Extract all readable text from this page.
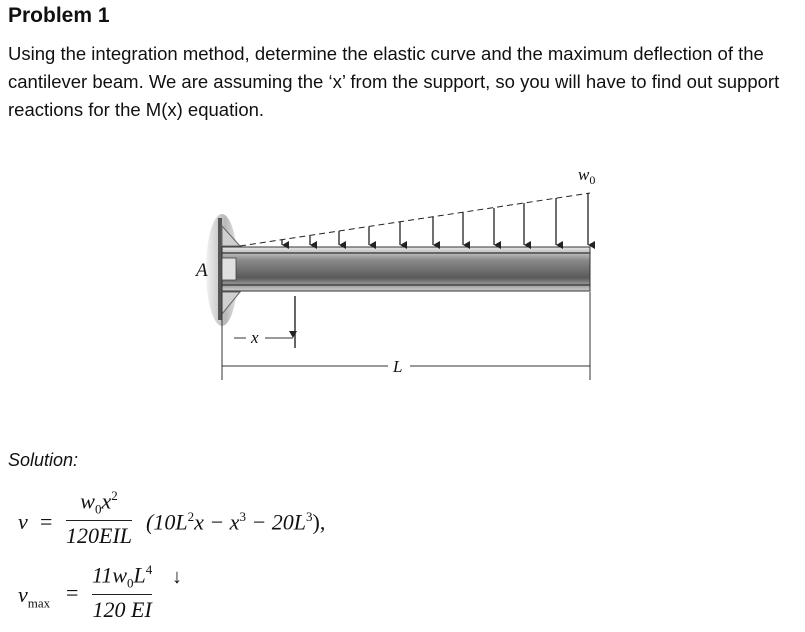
Problem 1
Using the integration method, determine the elastic curve and the maximum deflection of the cantilever beam. We are assuming the ‘x’ from the support, so you will have to find out support reactions for the M(x) equation.
$w_0$
A
x
L
Solution:
v =
$w_0x^2$
120EIL
$(10L^2x - x^3 - 20L^3)$,
$v_{max}$ =
$11w_0L^4$
120 EI
↓
